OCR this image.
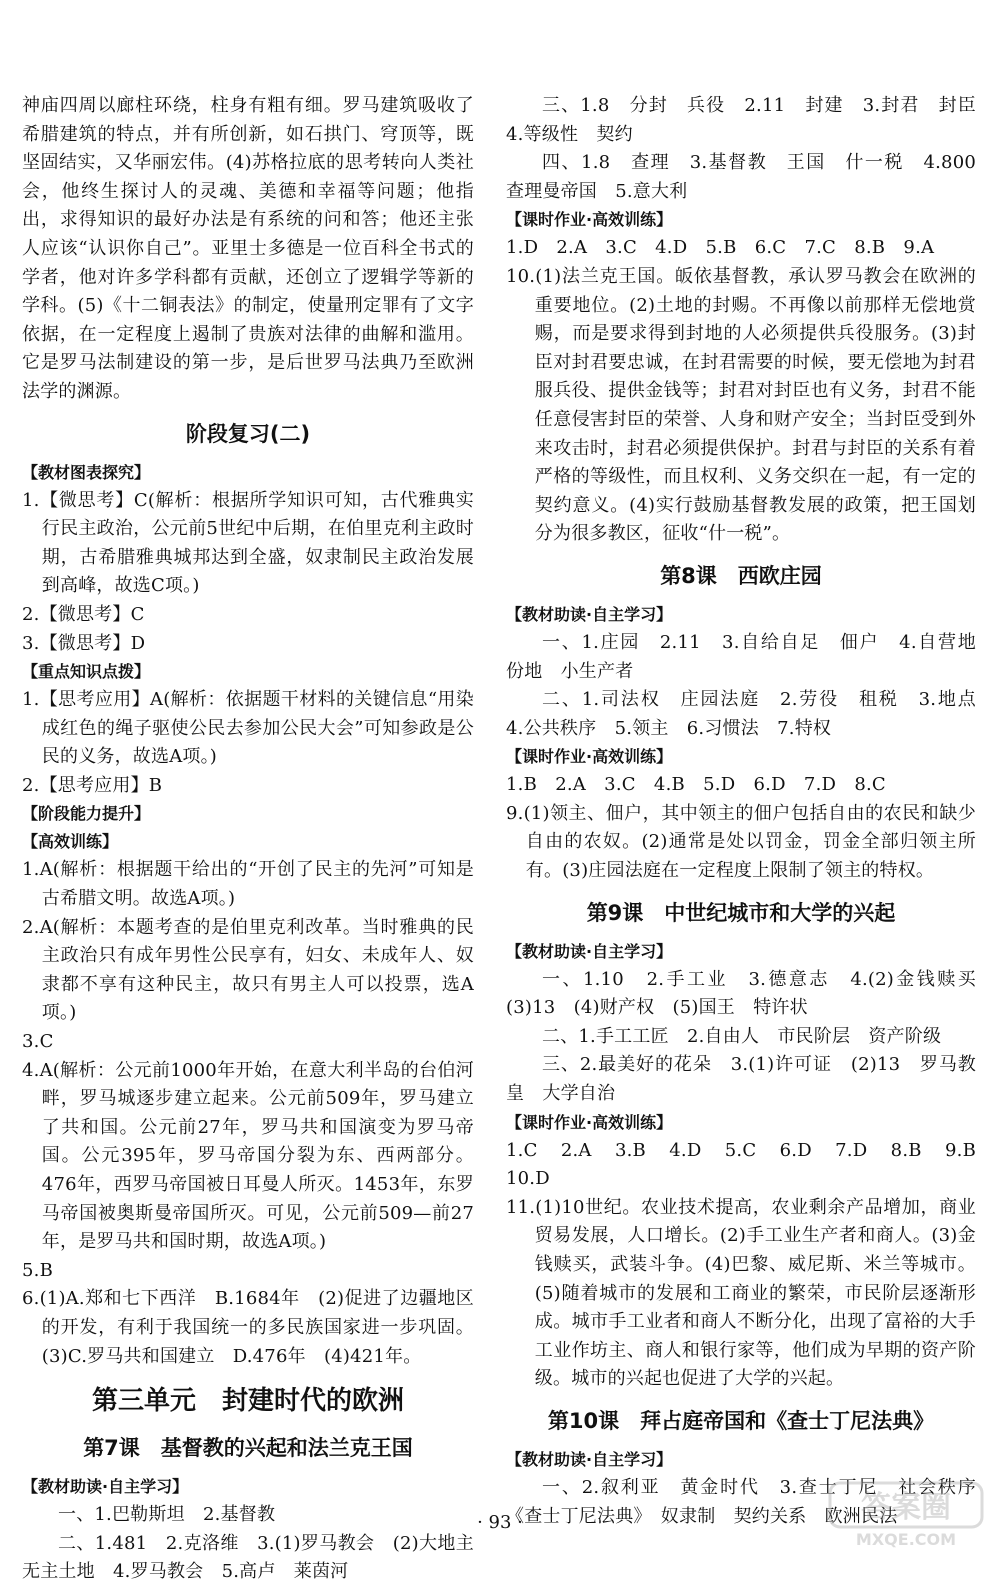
神庙四周以廊柱环绕，柱身有粗有细。罗马建筑吸收了希腊建筑的特点，并有所创新，如石拱门、穹顶等，既坚固结实，又华丽宏伟。(4)苏格拉底的思考转向人类社会，他终生探讨人的灵魂、美德和幸福等问题；他指出，求得知识的最好办法是有系统的问和答；他还主张人应该“认识你自己”。亚里士多德是一位百科全书式的学者，他对许多学科都有贡献，还创立了逻辑学等新的学科。(5)《十二铜表法》的制定，使量刑定罪有了文字依据，在一定程度上遏制了贵族对法律的曲解和滥用。它是罗马法制建设的第一步，是后世罗马法典乃至欧洲法学的渊源。

阶段复习(二)

【教材图表探究】

1.【微思考】C(解析：根据所学知识可知，古代雅典实行民主政治，公元前5世纪中后期，在伯里克利主政时期，古希腊雅典城邦达到全盛，奴隶制民主政治发展到高峰，故选C项。)

2.【微思考】C

3.【微思考】D

【重点知识点拨】

1.【思考应用】A(解析：依据题干材料的关键信息“用染成红色的绳子驱使公民去参加公民大会”可知参政是公民的义务，故选A项。)

2.【思考应用】B

【阶段能力提升】

【高效训练】

1.A(解析：根据题干给出的“开创了民主的先河”可知是古希腊文明。故选A项。)

2.A(解析：本题考查的是伯里克利改革。当时雅典的民主政治只有成年男性公民享有，妇女、未成年人、奴隶都不享有这种民主，故只有男主人可以投票，选A项。)

3.C

4.A(解析：公元前1000年开始，在意大利半岛的台伯河畔，罗马城逐步建立起来。公元前509年，罗马建立了共和国。公元前27年，罗马共和国演变为罗马帝国。公元395年，罗马帝国分裂为东、西两部分。476年，西罗马帝国被日耳曼人所灭。1453年，东罗马帝国被奥斯曼帝国所灭。可见，公元前509—前27年，是罗马共和国时期，故选A项。)

5.B

6.(1)A.郑和七下西洋　B.1684年　(2)促进了边疆地区的开发，有利于我国统一的多民族国家进一步巩固。(3)C.罗马共和国建立　D.476年　(4)421年。

第三单元　封建时代的欧洲
第7课　基督教的兴起和法兰克王国

【教材助读·自主学习】

一、1.巴勒斯坦　2.基督教

二、1.481　2.克洛维　3.(1)罗马教会　(2)大地主无主土地　4.罗马教会　5.高卢　莱茵河

三、1.8　分封　兵役　2.11　封建　3.封君　封臣　4.等级性　契约

四、1.8　查理　3.基督教　王国　什一税　4.800　查理曼帝国　5.意大利

【课时作业·高效训练】

1.D　2.A　3.C　4.D　5.B　6.C　7.C　8.B　9.A

10.(1)法兰克王国。皈依基督教，承认罗马教会在欧洲的重要地位。(2)土地的封赐。不再像以前那样无偿地赏赐，而是要求得到封地的人必须提供兵役服务。(3)封臣对封君要忠诚，在封君需要的时候，要无偿地为封君服兵役、提供金钱等；封君对封臣也有义务，封君不能任意侵害封臣的荣誉、人身和财产安全；当封臣受到外来攻击时，封君必须提供保护。封君与封臣的关系有着严格的等级性，而且权利、义务交织在一起，有一定的契约意义。(4)实行鼓励基督教发展的政策，把王国划分为很多教区，征收“什一税”。

第8课　西欧庄园

【教材助读·自主学习】

一、1.庄园　2.11　3.自给自足　佃户　4.自营地　份地　小生产者

二、1.司法权　庄园法庭　2.劳役　租税　3.地点　4.公共秩序　5.领主　6.习惯法　7.特权

【课时作业·高效训练】

1.B　2.A　3.C　4.B　5.D　6.D　7.D　8.C

9.(1)领主、佃户，其中领主的佃户包括自由的农民和缺少自由的农奴。(2)通常是处以罚金，罚金全部归领主所有。(3)庄园法庭在一定程度上限制了领主的特权。

第9课　中世纪城市和大学的兴起

【教材助读·自主学习】

一、1.10　2.手工业　3.德意志　4.(2)金钱赎买　(3)13　(4)财产权　(5)国王　特许状

二、1.手工工匠　2.自由人　市民阶层　资产阶级

三、2.最美好的花朵　3.(1)许可证　(2)13　罗马教皇　大学自治

【课时作业·高效训练】

1.C　2.A　3.B　4.D　5.C　6.D　7.D　8.B　9.B　10.D

11.(1)10世纪。农业技术提高，农业剩余产品增加，商业贸易发展，人口增长。(2)手工业生产者和商人。(3)金钱赎买，武装斗争。(4)巴黎、威尼斯、米兰等城市。(5)随着城市的发展和工商业的繁荣，市民阶层逐渐形成。城市手工业者和商人不断分化，出现了富裕的大手工业作坊主、商人和银行家等，他们成为早期的资产阶级。城市的兴起也促进了大学的兴起。

第10课　拜占庭帝国和《查士丁尼法典》

【教材助读·自主学习】

一、2.叙利亚　黄金时代　3.查士丁尼　社会秩序　《查士丁尼法典》　奴隶制　契约关系　欧洲民法

· 93 ·	答案圈
MXQE.COM
